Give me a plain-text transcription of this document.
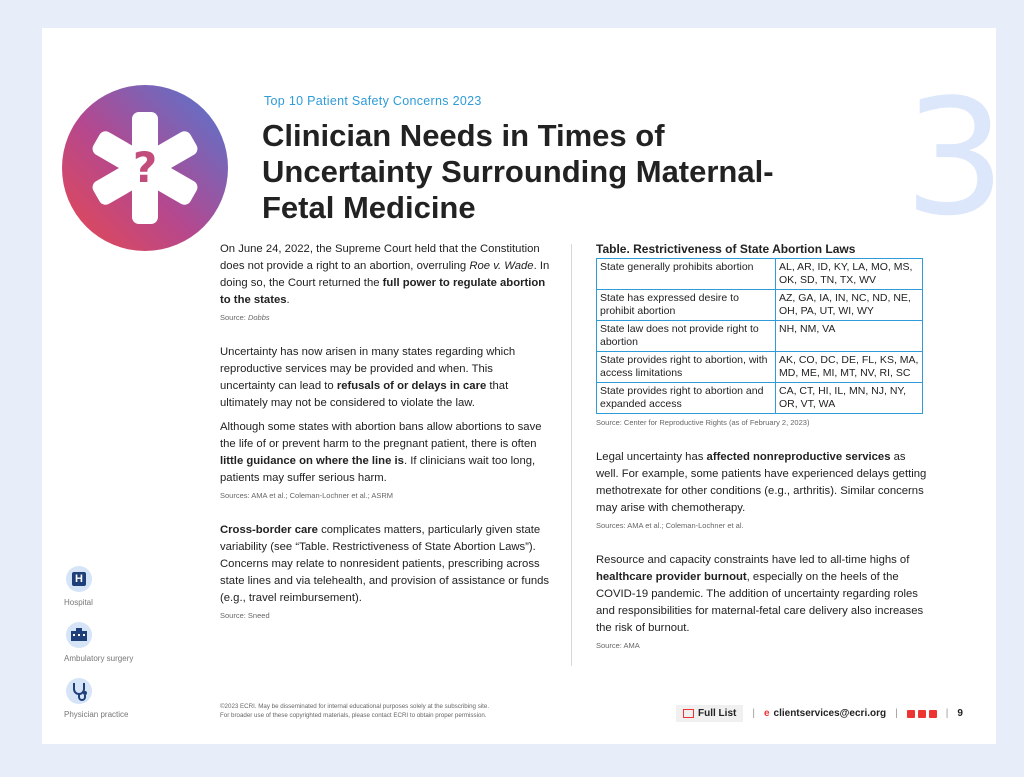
?
Top 10 Patient Safety Concerns 2023
Clinician Needs in Times of Uncertainty Surrounding Maternal-Fetal Medicine	3

On June 24, 2022, the Supreme Court held that the Constitution does not provide a right to an abortion, overruling Roe v. Wade. In doing so, the Court returned the full power to regulate abortion to the states.

Source: Dobbs

Uncertainty has now arisen in many states regarding which reproductive services may be provided and when. This uncertainty can lead to refusals of or delays in care that ultimately may not be considered to violate the law.

Although some states with abortion bans allow abortions to save the life of or prevent harm to the pregnant patient, there is often little guidance on where the line is. If clinicians wait too long, patients may suffer serious harm.

Sources: AMA et al.; Coleman-Lochner et al.; ASRM

Cross-border care complicates matters, particularly given state variability (see “Table. Restrictiveness of State Abortion Laws”). Concerns may relate to nonresident patients, prescribing across state lines and via telehealth, and provision of assistance or funds (e.g., travel reimbursement).

Source: Sneed

Table. Restrictiveness of State Abortion Laws

State generally prohibits abortion	AL, AR, ID, KY, LA, MO, MS, OK, SD, TN, TX, WV
State has expressed desire to prohibit abortion	AZ, GA, IA, IN, NC, ND, NE, OH, PA, UT, WI, WY
State law does not provide right to abortion	NH, NM, VA
State provides right to abortion, with access limitations	AK, CO, DC, DE, FL, KS, MA, MD, ME, MI, MT, NV, RI, SC
State provides right to abortion and expanded access	CA, CT, HI, IL, MN, NJ, NY, OR, VT, WA

Source: Center for Reproductive Rights (as of February 2, 2023)

Legal uncertainty has affected nonreproductive services as well. For example, some patients have experienced delays getting methotrexate for other conditions (e.g., arthritis). Similar concerns may arise with chemotherapy.

Sources: AMA et al.; Coleman-Lochner et al.

Resource and capacity constraints have led to all-time highs of healthcare provider burnout, especially on the heels of the COVID-19 pandemic. The addition of uncertainty regarding roles and responsibilities for maternal-fetal care delivery also increases the risk of burnout.

Source: AMA

H
Hospital
Ambulatory surgery
Physician practice
©2023 ECRI. May be disseminated for internal educational purposes solely at the subscribing site.
For broader use of these copyrighted materials, please contact ECRI to obtain proper permission.	Full List | e clientservices@ecri.org |	| 9
